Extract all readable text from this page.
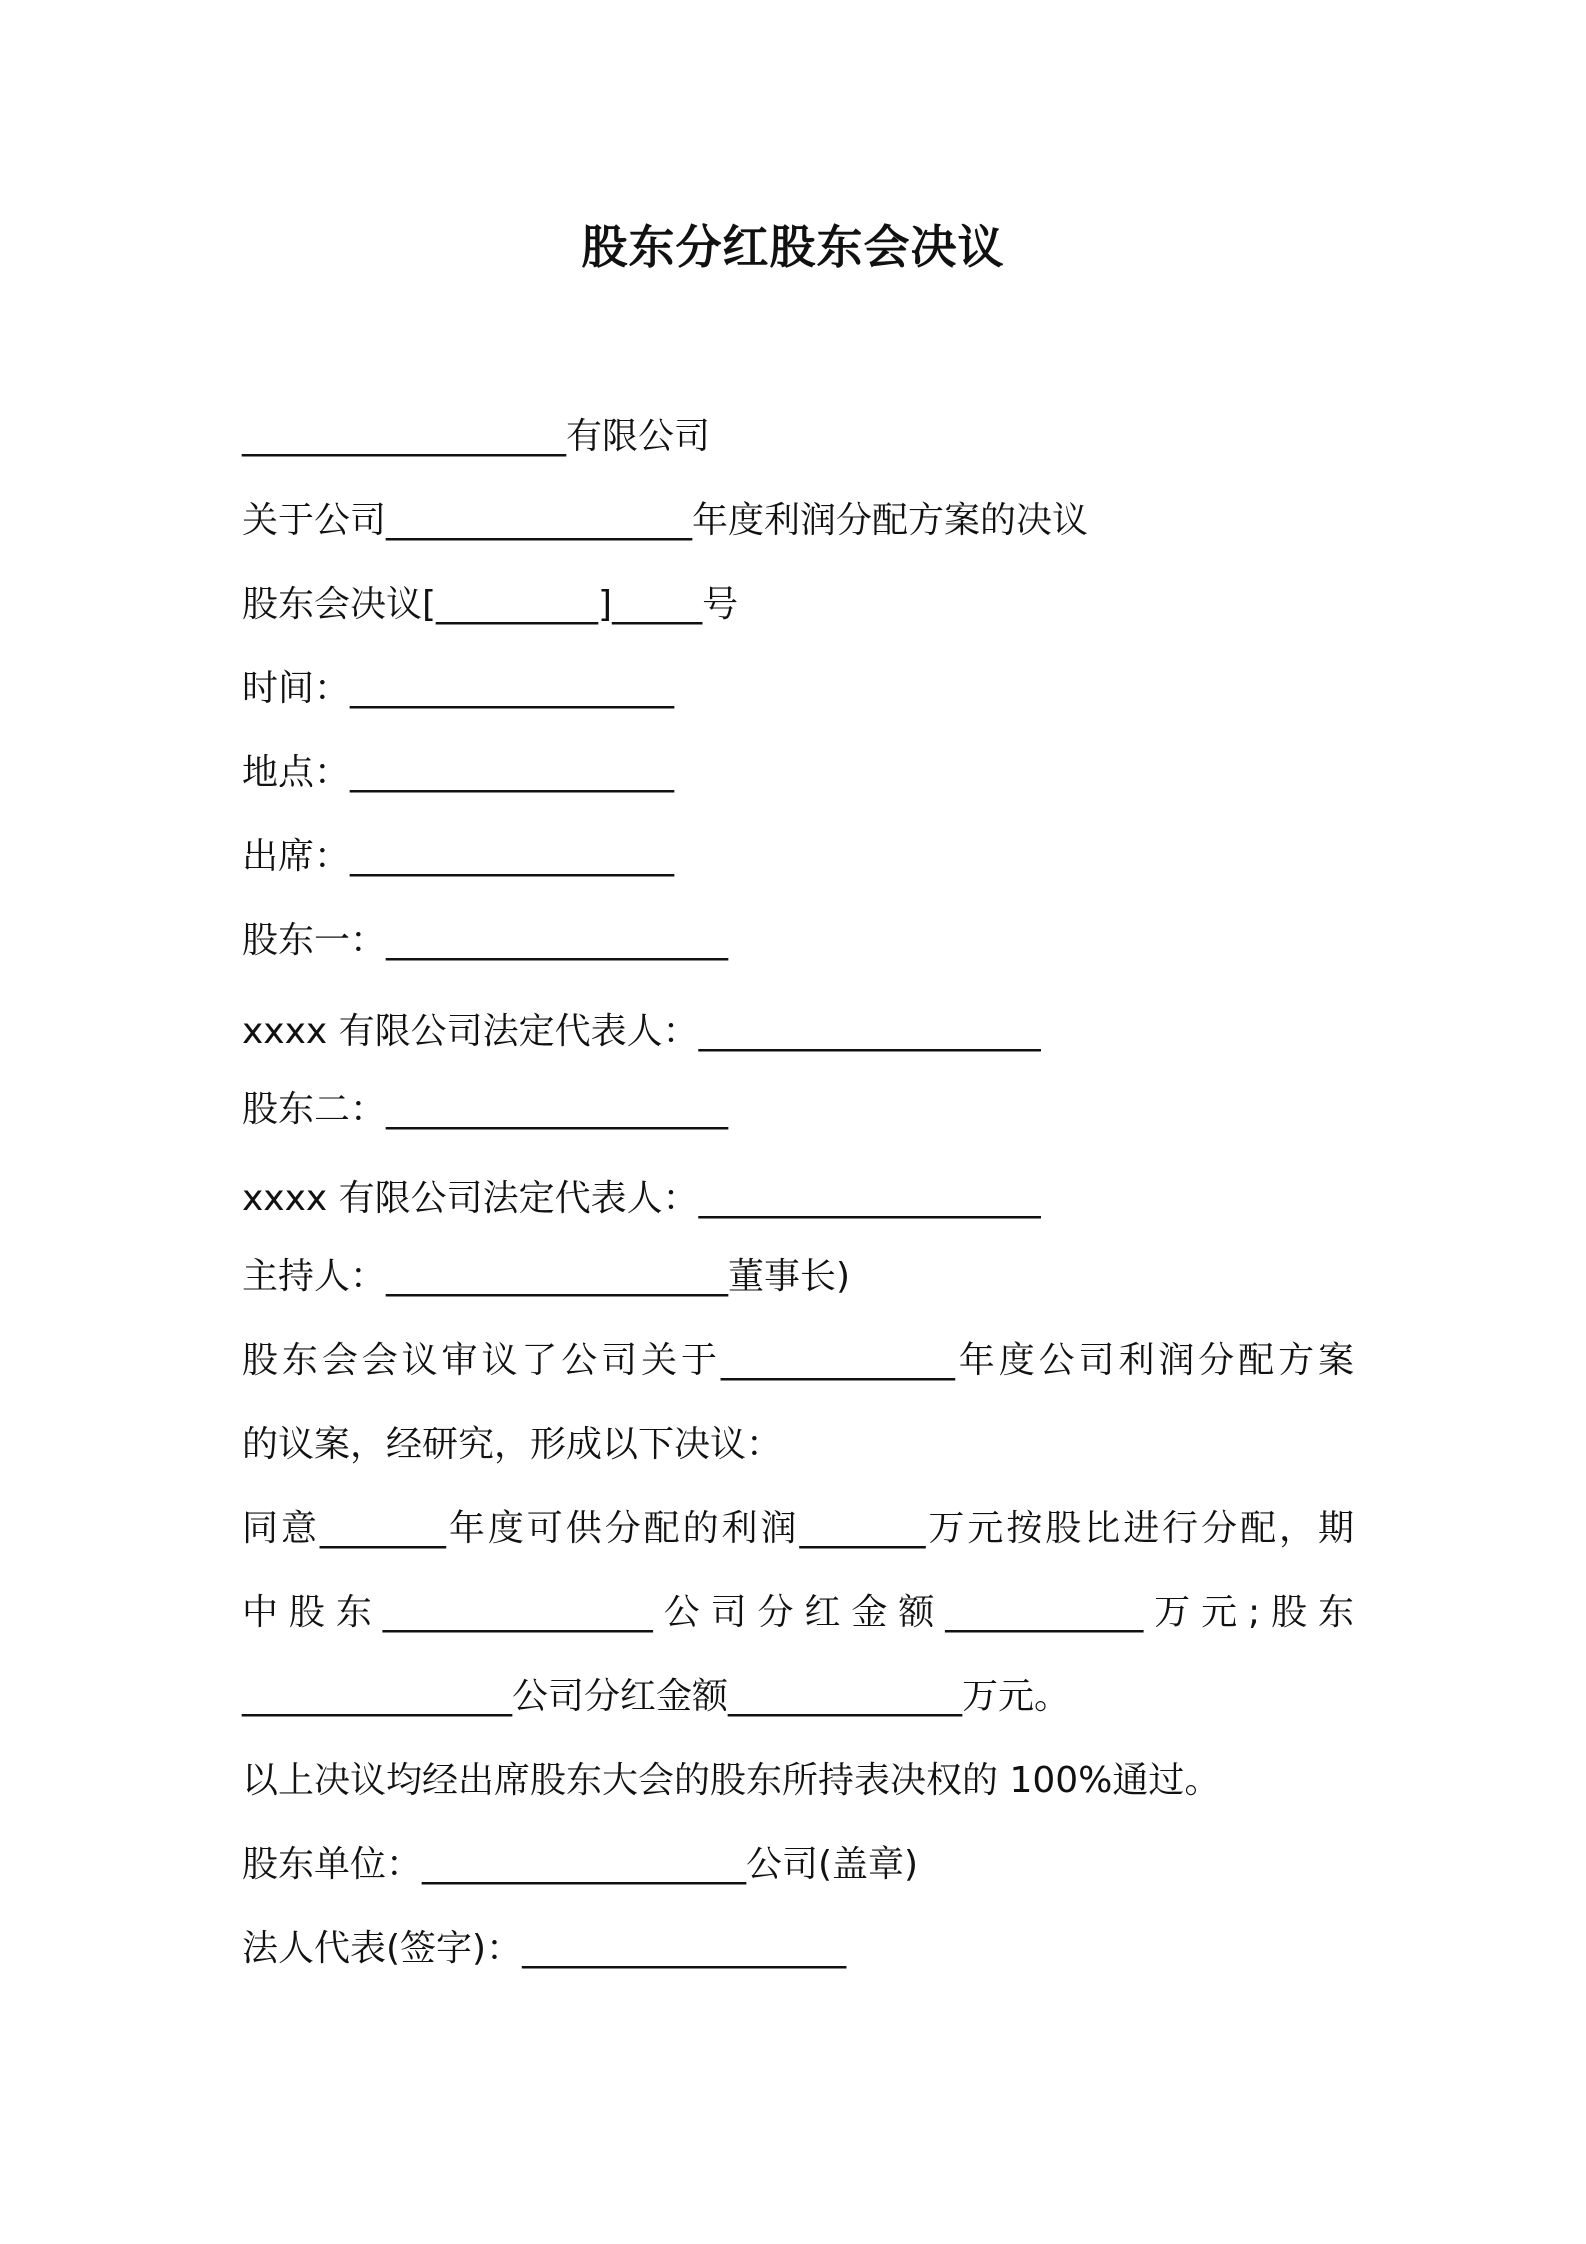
股东分红股东会决议
__________________有限公司
关于公司_________________年度利润分配方案的决议
股东会决议[_________]_____号
时间：__________________
地点：__________________
出席：__________________
股东一：___________________
xxxx 有限公司法定代表人：___________________
股东二：___________________
xxxx 有限公司法定代表人：___________________
主持人：___________________董事长)
股东会会议审议了公司关于_____________年度公司利润分配方案
的议案，经研究，形成以下决议：
同意_______年度可供分配的利润_______万元按股比进行分配，期
中股东_______________公司分红金额___________万元;股东
_______________公司分红金额_____________万元。
以上决议均经出席股东大会的股东所持表决权的 100%通过。
股东单位：__________________公司(盖章)
法人代表(签字)：__________________
